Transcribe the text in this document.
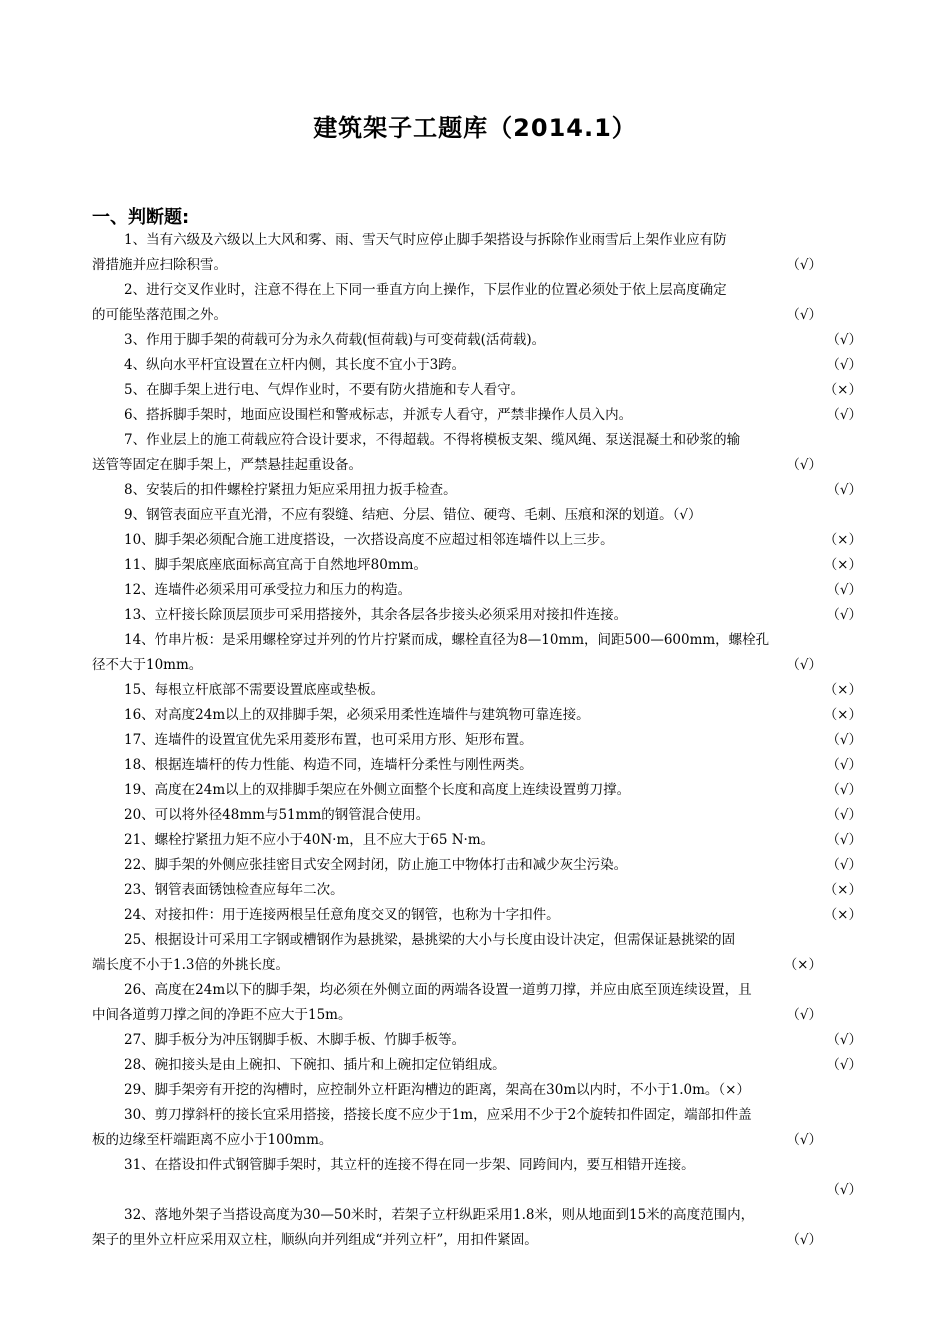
建筑架子工题库（2014.1）
一、判断题:
1、当有六级及六级以上大风和雾、雨、雪天气时应停止脚手架搭设与拆除作业雨雪后上架作业应有防
滑措施并应扫除积雪。	（√）
2、进行交叉作业时，注意不得在上下同一垂直方向上操作，下层作业的位置必须处于依上层高度确定
的可能坠落范围之外。	（√）
3、作用于脚手架的荷载可分为永久荷载(恒荷载)与可变荷载(活荷载)。	（√）
4、纵向水平杆宜设置在立杆内侧，其长度不宜小于3跨。	（√）
5、在脚手架上进行电、气焊作业时，不要有防火措施和专人看守。	（×）
6、搭拆脚手架时，地面应设围栏和警戒标志，并派专人看守，严禁非操作人员入内。	（√）
7、作业层上的施工荷载应符合设计要求，不得超载。不得将模板支架、缆风绳、泵送混凝土和砂浆的输
送管等固定在脚手架上，严禁悬挂起重设备。	（√）
8、安装后的扣件螺栓拧紧扭力矩应采用扭力扳手检查。	（√）
9、钢管表面应平直光滑，不应有裂缝、结疤、分层、错位、硬弯、毛刺、压痕和深的划道。（√）
10、脚手架必须配合施工进度搭设，一次搭设高度不应超过相邻连墙件以上三步。	（×）
11、脚手架底座底面标高宜高于自然地坪80mm。	（×）
12、连墙件必须采用可承受拉力和压力的构造。	（√）
13、立杆接长除顶层顶步可采用搭接外，其余各层各步接头必须采用对接扣件连接。	（√）
14、竹串片板：是采用螺栓穿过并列的竹片拧紧而成，螺栓直径为8—10mm，间距500—600mm，螺栓孔
径不大于10mm。	（√）
15、每根立杆底部不需要设置底座或垫板。	（×）
16、对高度24m以上的双排脚手架，必须采用柔性连墙件与建筑物可靠连接。	（×）
17、连墙件的设置宜优先采用菱形布置，也可采用方形、矩形布置。	（√）
18、根据连墙杆的传力性能、构造不同，连墙杆分柔性与刚性两类。	（√）
19、高度在24m以上的双排脚手架应在外侧立面整个长度和高度上连续设置剪刀撑。	（√）
20、可以将外径48mm与51mm的钢管混合使用。	（√）
21、螺栓拧紧扭力矩不应小于40N·m，且不应大于65 N·m。	（√）
22、脚手架的外侧应张挂密目式安全网封闭，防止施工中物体打击和减少灰尘污染。	（√）
23、钢管表面锈蚀检查应每年二次。	（×）
24、对接扣件：用于连接两根呈任意角度交叉的钢管，也称为十字扣件。	（×）
25、根据设计可采用工字钢或槽钢作为悬挑梁，悬挑梁的大小与长度由设计决定，但需保证悬挑梁的固
端长度不小于1.3倍的外挑长度。	（×）
26、高度在24m以下的脚手架，均必须在外侧立面的两端各设置一道剪刀撑，并应由底至顶连续设置，且
中间各道剪刀撑之间的净距不应大于15m。	（√）
27、脚手板分为冲压钢脚手板、木脚手板、竹脚手板等。	（√）
28、碗扣接头是由上碗扣、下碗扣、插片和上碗扣定位销组成。	（√）
29、脚手架旁有开挖的沟槽时，应控制外立杆距沟槽边的距离，架高在30m以内时，不小于1.0m。（×）
30、剪刀撑斜杆的接长宜采用搭接，搭接长度不应少于1m，应采用不少于2个旋转扣件固定，端部扣件盖
板的边缘至杆端距离不应小于100mm。	（√）
31、在搭设扣件式钢管脚手架时，其立杆的连接不得在同一步架、同跨间内，要互相错开连接。
（√）
32、落地外架子当搭设高度为30—50米时，若架子立杆纵距采用1.8米，则从地面到15米的高度范围内，
架子的里外立杆应采用双立柱，顺纵向并列组成“并列立杆”，用扣件紧固。	（√）
